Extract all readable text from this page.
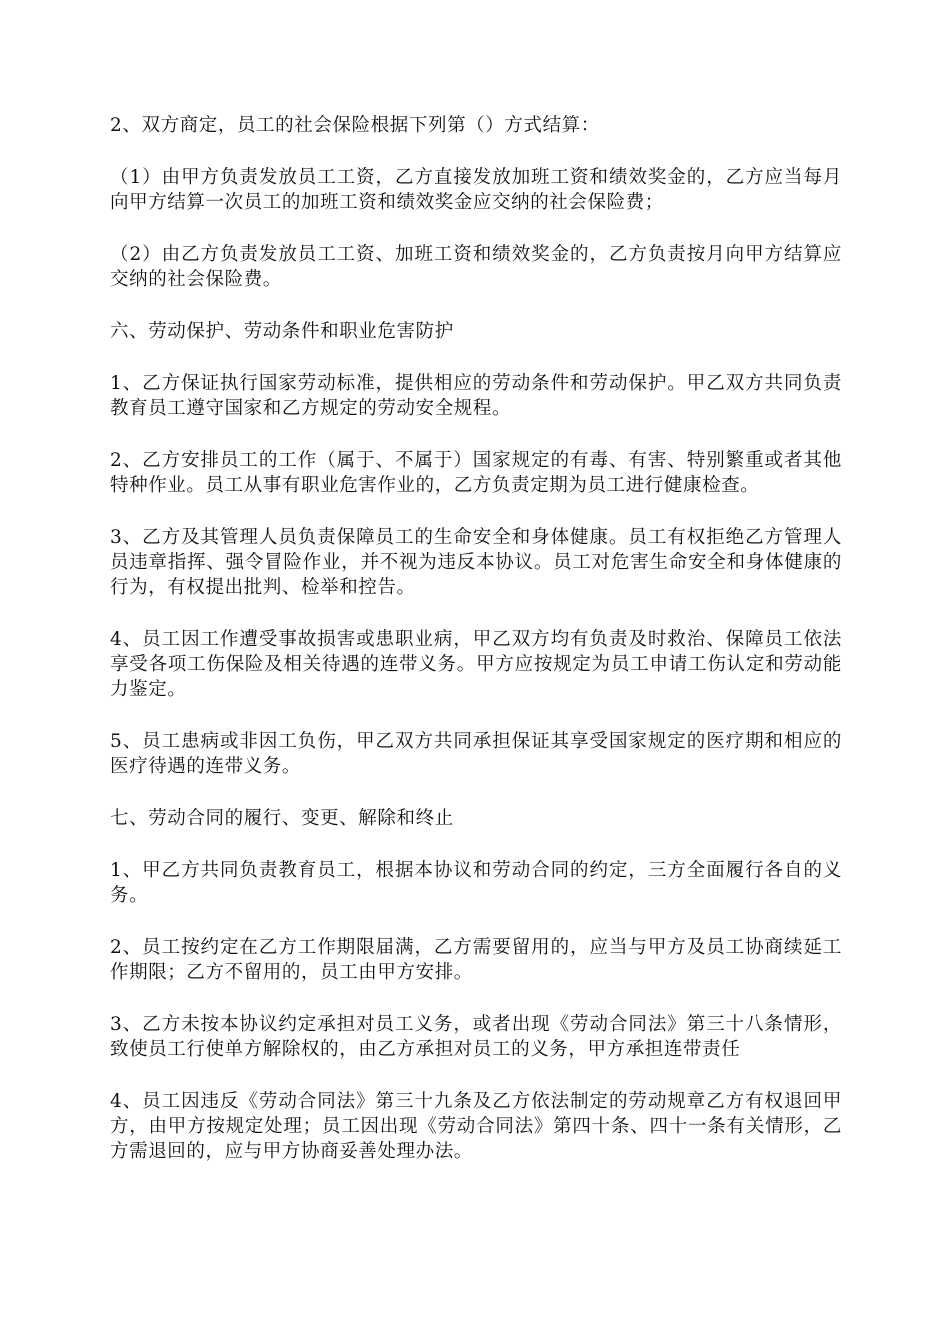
2、双方商定，员工的社会保险根据下列第（）方式结算：

（1）由甲方负责发放员工工资，乙方直接发放加班工资和绩效奖金的，乙方应当每月向甲方结算一次员工的加班工资和绩效奖金应交纳的社会保险费；

（2）由乙方负责发放员工工资、加班工资和绩效奖金的，乙方负责按月向甲方结算应交纳的社会保险费。

六、劳动保护、劳动条件和职业危害防护

1、乙方保证执行国家劳动标准，提供相应的劳动条件和劳动保护。甲乙双方共同负责教育员工遵守国家和乙方规定的劳动安全规程。

2、乙方安排员工的工作（属于、不属于）国家规定的有毒、有害、特别繁重或者其他特种作业。员工从事有职业危害作业的，乙方负责定期为员工进行健康检查。

3、乙方及其管理人员负责保障员工的生命安全和身体健康。员工有权拒绝乙方管理人员违章指挥、强令冒险作业，并不视为违反本协议。员工对危害生命安全和身体健康的行为，有权提出批判、检举和控告。

4、员工因工作遭受事故损害或患职业病，甲乙双方均有负责及时救治、保障员工依法享受各项工伤保险及相关待遇的连带义务。甲方应按规定为员工申请工伤认定和劳动能力鉴定。

5、员工患病或非因工负伤，甲乙双方共同承担保证其享受国家规定的医疗期和相应的医疗待遇的连带义务。

七、劳动合同的履行、变更、解除和终止

1、甲乙方共同负责教育员工，根据本协议和劳动合同的约定，三方全面履行各自的义务。

2、员工按约定在乙方工作期限届满，乙方需要留用的，应当与甲方及员工协商续延工作期限；乙方不留用的，员工由甲方安排。

3、乙方未按本协议约定承担对员工义务，或者出现《劳动合同法》第三十八条情形，致使员工行使单方解除权的，由乙方承担对员工的义务，甲方承担连带责任

4、员工因违反《劳动合同法》第三十九条及乙方依法制定的劳动规章乙方有权退回甲方，由甲方按规定处理；员工因出现《劳动合同法》第四十条、四十一条有关情形，乙方需退回的，应与甲方协商妥善处理办法。
